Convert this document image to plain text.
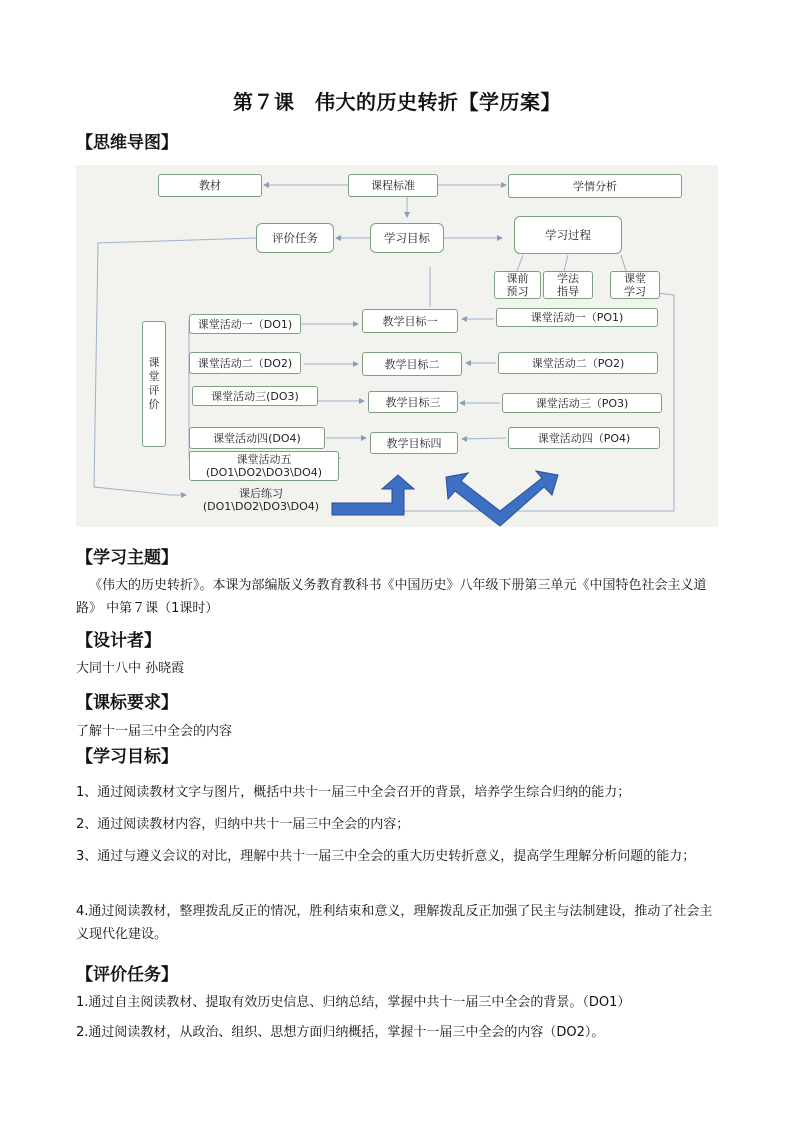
第７课　伟大的历史转折【学历案】
【思维导图】
教材	课程标准	学情分析
评价任务	学习目标	学习过程
课前
预习
学法
指导
课堂
学习
课
堂
评
价
课堂活动一（DO1)
课堂活动二（DO2)
课堂活动三(DO3)
课堂活动四(DO4)
课堂活动五
(DO1\DO2\DO3\DO4)
课后练习
(DO1\DO2\DO3\DO4)
教学目标一
教学目标二
教学目标三
教学目标四
课堂活动一（PO1)
课堂活动二（PO2)
课堂活动三（PO3)
课堂活动四（PO4)
【学习主题】
《伟大的历史转折》。本课为部编版义务教育教科书《中国历史》八年级下册第三单元《中国特色社会主义道路》 中第７课（1课时）
【设计者】
大同十八中 孙晓霞
【课标要求】
了解十一届三中全会的内容
【学习目标】
1、通过阅读教材文字与图片，概括中共十一届三中全会召开的背景，培养学生综合归纳的能力；
2、通过阅读教材内容，归纳中共十一届三中全会的内容；
3、通过与遵义会议的对比，理解中共十一届三中全会的重大历史转折意义，提高学生理解分析问题的能力；
4.通过阅读教材，整理拨乱反正的情况，胜利结束和意义，理解拨乱反正加强了民主与法制建设，推动了社会主义现代化建设。
【评价任务】
1.通过自主阅读教材、提取有效历史信息、归纳总结，掌握中共十一届三中全会的背景。（DO1）
2.通过阅读教材，从政治、组织、思想方面归纳概括，掌握十一届三中全会的内容（DO2）。
